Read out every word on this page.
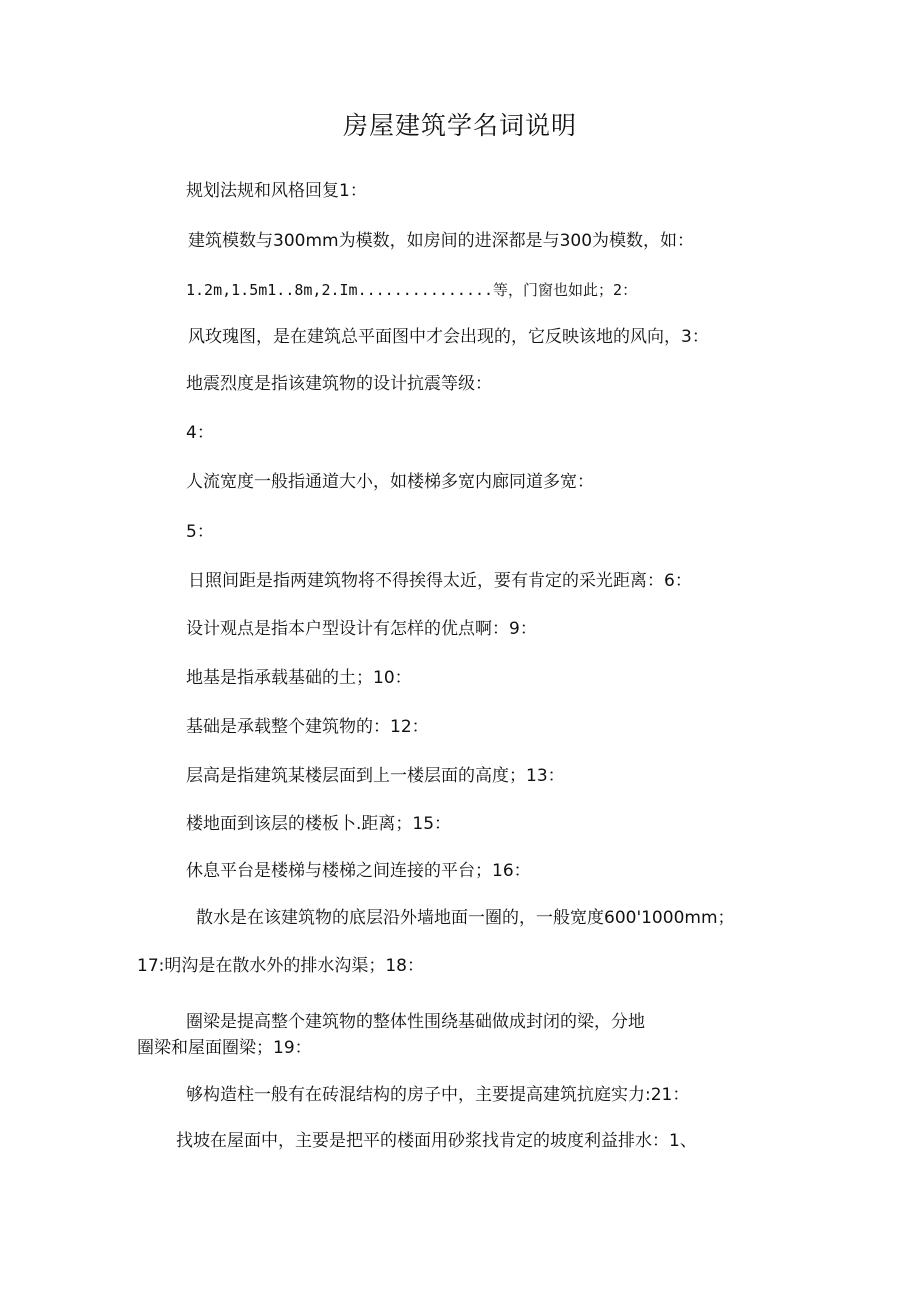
房屋建筑学名词说明
规划法规和风格回复1：
建筑模数与300mm为模数，如房间的进深都是与300为模数，如：
1.2m,1.5m1..8m,2.Im...............等，门窗也如此；2：
风玫瑰图，是在建筑总平面图中才会出现的，它反映该地的风向，3：
地震烈度是指该建筑物的设计抗震等级：
4：
人流宽度一般指通道大小，如楼梯多宽内廊同道多宽：
5：
日照间距是指两建筑物将不得挨得太近，要有肯定的采光距离：6：
设计观点是指本户型设计有怎样的优点啊：9：
地基是指承载基础的土；10：
基础是承载整个建筑物的：12：
层高是指建筑某楼层面到上一楼层面的高度；13：
楼地面到该层的楼板卜.距离；15：
休息平台是楼梯与楼梯之间连接的平台；16：
散水是在该建筑物的底层沿外墙地面一圈的，一般宽度600'1000mm；
17:明沟是在散水外的排水沟渠；18：
圈梁是提高整个建筑物的整体性围绕基础做成封闭的梁，分地
圈梁和屋面圈梁；19：
够构造柱一般有在砖混结构的房子中，主要提高建筑抗庭实力:21：
找坡在屋面中，主要是把平的楼面用砂浆找肯定的坡度利益排水：1、
